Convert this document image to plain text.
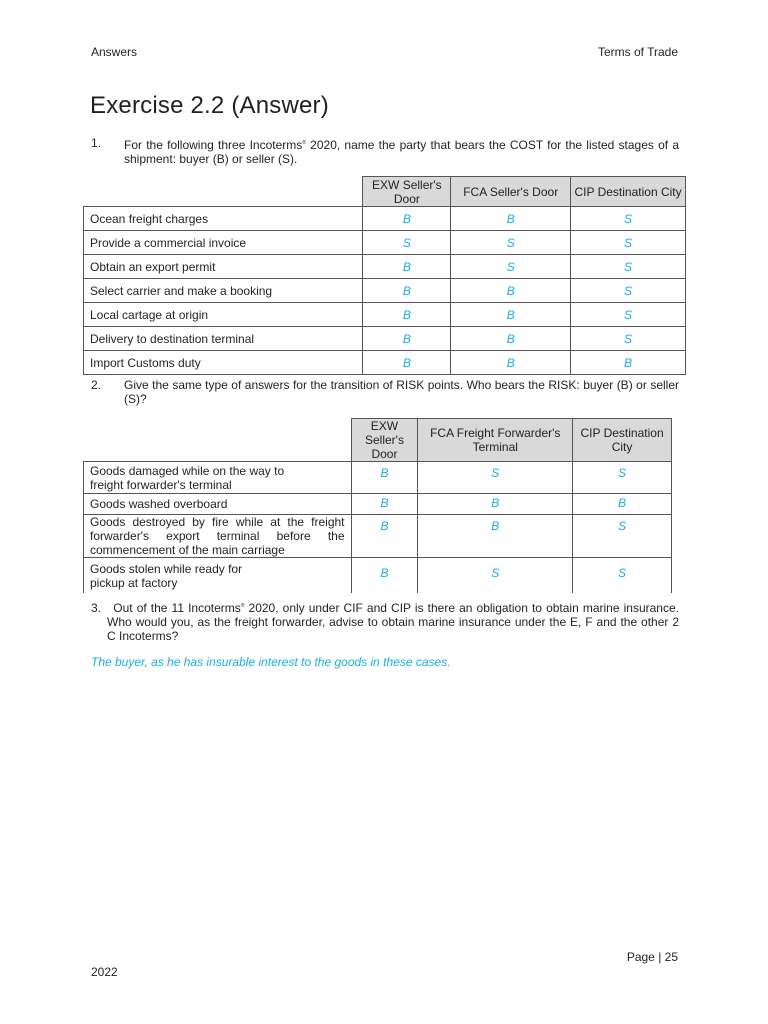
Answers	Terms of Trade
Exercise 2.2 (Answer)
1. For the following three Incoterms® 2020, name the party that bears the COST for the listed stages of a shipment: buyer (B) or seller (S).
	EXW Seller's Door	FCA Seller's Door	CIP Destination City
Ocean freight charges	B	B	S
Provide a commercial invoice	S	S	S
Obtain an export permit	B	S	S
Select carrier and make a booking	B	B	S
Local cartage at origin	B	B	S
Delivery to destination terminal	B	B	S
Import Customs duty	B	B	B
2. Give the same type of answers for the transition of RISK points. Who bears the RISK: buyer (B) or seller (S)?
	EXW Seller's Door	FCA Freight Forwarder's Terminal	CIP Destination City
Goods damaged while on the way to freight forwarder's terminal	B	S	S
Goods washed overboard	B	B	B
Goods destroyed by fire while at the freight forwarder's export terminal before the commencement of the main carriage	B	B	S
Goods stolen while ready for pickup at factory	B	S	S
3. Out of the 11 Incoterms® 2020, only under CIF and CIP is there an obligation to obtain marine insurance. Who would you, as the freight forwarder, advise to obtain marine insurance under the E, F and the other 2 C Incoterms?
The buyer, as he has insurable interest to the goods in these cases.
Page | 25
2022
